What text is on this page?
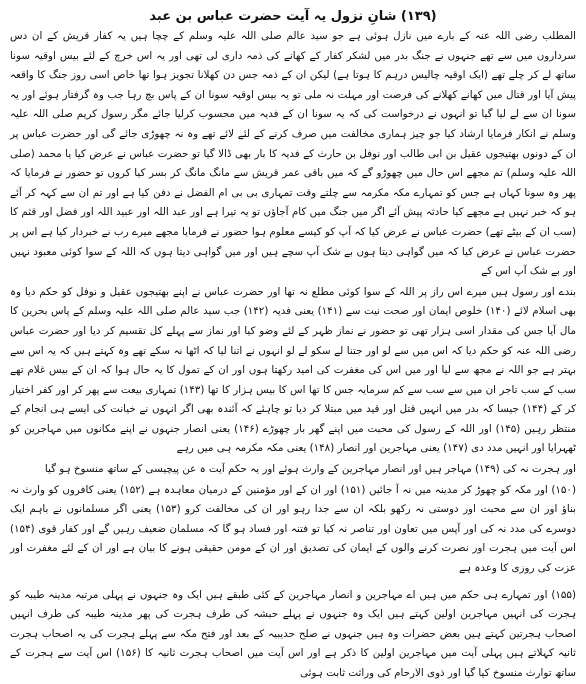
(۱۳۹) شانِ نزول یہ آیت حضرت عباس بن عبد

المطلب رضی اللہ عنہ کے بارے میں نازل ہوئی ہے جو سید عالم صلی اللہ علیہ وسلم کے چچا ہیں یہ کفار قریش کے ان دس سرداروں میں سے تھے جنہوں نے جنگ بدر میں لشکر کفار کے کھانے کی ذمہ داری لی تھی اور یہ اس خرچ کے لئے بیس اوقیہ سونا ساتھ لے کر چلے تھے (ایک اوقیہ چالیس درہم کا ہوتا ہے) لیکن ان کے ذمہ جس دن کھلانا تجویز ہوا تھا خاص اسی روز جنگ کا واقعہ پیش آیا اور قتال میں کھانے کھلانے کی فرصت اور مہلت نہ ملی تو یہ بیس اوقیہ سونا ان کے پاس بچ رہا جب وہ گرفتار ہوئے اور یہ سونا ان سے لے لیا گیا تو انہوں نے درخواست کی کہ یہ سونا ان کے فدیہ میں محسوب کرلیا جائے مگر رسول کریم صلی اللہ علیہ وسلم نے انکار فرمایا ارشاد کیا جو چیز ہماری مخالفت میں صرف کرنے کے لئے لائے تھے وہ نہ چھوڑی جائے گی اور حضرت عباس پر ان کے دونوں بھتیجوں عقیل بن ابی طالب اور نوفل بن حارث کے فدیہ کا بار بھی ڈالا گیا تو حضرت عباس نے عرض کیا یا محمد (صلی اللہ علیہ وسلم) تم مجھے اس حال میں چھوڑو گے کہ میں باقی عمر قریش سے مانگ مانگ کر بسر کیا کروں تو حضور نے فرمایا کہ پھر وہ سونا کہاں ہے جس کو تمہارے مکہ مکرمہ سے چلتے وقت تمہاری بی بی ام الفضل نے دفن کیا ہے اور تم ان سے کہہ کر آئے ہو کہ خبر نہیں ہے مجھے کیا حادثہ پیش آئے اگر میں جنگ میں کام آجاؤں تو یہ تیرا ہے اور عبد اللہ اور عبید اللہ اور فضل اور قثم کا (سب ان کے بیٹے تھے) حضرت عباس نے عرض کیا کہ آپ کو کیسے معلوم ہوا حضور نے فرمایا مجھے میرے رب نے خبردار کیا ہے اس پر حضرت عباس نے عرض کیا کہ میں گواہی دیتا ہوں بے شک آپ سچے ہیں اور میں گواہی دیتا ہوں کہ اللہ کے سوا کوئی معبود نہیں اور بے شک آپ اس کے

بندے اور رسول ہیں میرے اس راز پر اللہ کے سوا کوئی مطلع نہ تھا اور حضرت عباس نے اپنے بھتیجوں عقیل و نوفل کو حکم دیا وہ بھی اسلام لائے (۱۴۰) خلوص ایمان اور صحت نیت سے (۱۴۱) یعنی فدیہ (۱۴۲) جب سید عالم صلی اللہ علیہ وسلم کے پاس بحرین کا مال آیا جس کی مقدار اسی ہزار تھی تو حضور نے نماز ظہر کے لئے وضو کیا اور نماز سے پہلے کل تقسیم کر دیا اور حضرت عباس رضی اللہ عنہ کو حکم دیا کہ اس میں سے لو اور جتنا لے سکو لے لو انہوں نے اتنا لیا کہ اٹھا نہ سکے تھے وہ کہتے ہیں کہ یہ اس سے بہتر ہے جو اللہ نے مجھ سے لیا اور میں اس کی مغفرت کی امید رکھتا ہوں اور ان کے تمول کا یہ حال ہوا کہ ان کے بیس غلام تھے سب کے سب تاجر ان میں سے سب سے کم سرمایہ جس کا تھا اس کا بیس ہزار کا تھا (۱۴۳) تمہاری بیعت سے پھر کر اور کفر اختیار کر کے (۱۴۴) جیسا کہ بدر میں انہیں قتل اور قید میں مبتلا کر دیا تو چاہئے کہ آئندہ بھی اگر انہوں نے خیانت کی ایسے ہی انجام کے منتظر رہیں (۱۴۵) اور اللہ کے رسول کی محبت میں اپنے گھر بار چھوڑے (۱۴۶) یعنی انصار جنہوں نے اپنے مکانوں میں مہاجرین کو ٹھہرایا اور انہیں مدد دی (۱۴۷) یعنی مہاجرین اور انصار (۱۴۸) یعنی مکہ مکرمہ ہی میں رہے

اور ہجرت نہ کی (۱۴۹) مہاجر ہیں اور انصار مہاجرین کے وارث ہوئے اور یہ حکم آیت ہ عن پیچیسی کے ساتھ منسوخ ہو گیا

(۱۵۰) اور مکہ کو چھوڑ کر مدینہ میں نہ آ جائیں (۱۵۱) اور ان کے اور مؤمنین کے درمیان معاہدہ ہے (۱۵۲) یعنی کافروں کو وارث نہ بناؤ اور ان سے محبت اور دوستی نہ رکھو بلکہ ان سے جدا رہو اور ان کی مخالفت کرو (۱۵۳) یعنی اگر مسلمانوں نے باہم ایک دوسرے کی مدد نہ کی اور آپس میں تعاون اور تناصر نہ کیا تو فتنہ اور فساد ہو گا کہ مسلمان ضعیف رہیں گے اور کفار قوی (۱۵۴) اس آیت میں ہجرت اور نصرت کرنے والوں کے ایمان کی تصدیق اور ان کے مومن حقیقی ہونے کا بیان ہے اور ان کے لئے مغفرت اور عزت کی روزی کا وعدہ ہے

(۱۵۵) اور تمہارے ہی حکم میں ہیں اے مہاجرین و انصار مہاجرین کے کئی طبقے ہیں ایک وہ جنہوں نے پہلی مرتبہ مدینہ طیبہ کو ہجرت کی انہیں مہاجرین اولین کہتے ہیں ایک وہ جنہوں نے پہلے حبشہ کی طرف ہجرت کی پھر مدینہ طیبہ کی طرف انہیں اصحاب ہجرتین کہتے ہیں بعض حضرات وہ ہیں جنہوں نے صلح حدیبیہ کے بعد اور فتح مکہ سے پہلے ہجرت کی یہ اصحاب ہجرت ثانیہ کہلاتے ہیں پہلی آیت میں مہاجرین اولین کا ذکر ہے اور اس آیت میں اصحاب ہجرت ثانیہ کا (۱۵۶) اس آیت سے ہجرت کے ساتھ توارث منسوخ کیا گیا اور ذوی الارحام کی وراثت ثابت ہوئی
